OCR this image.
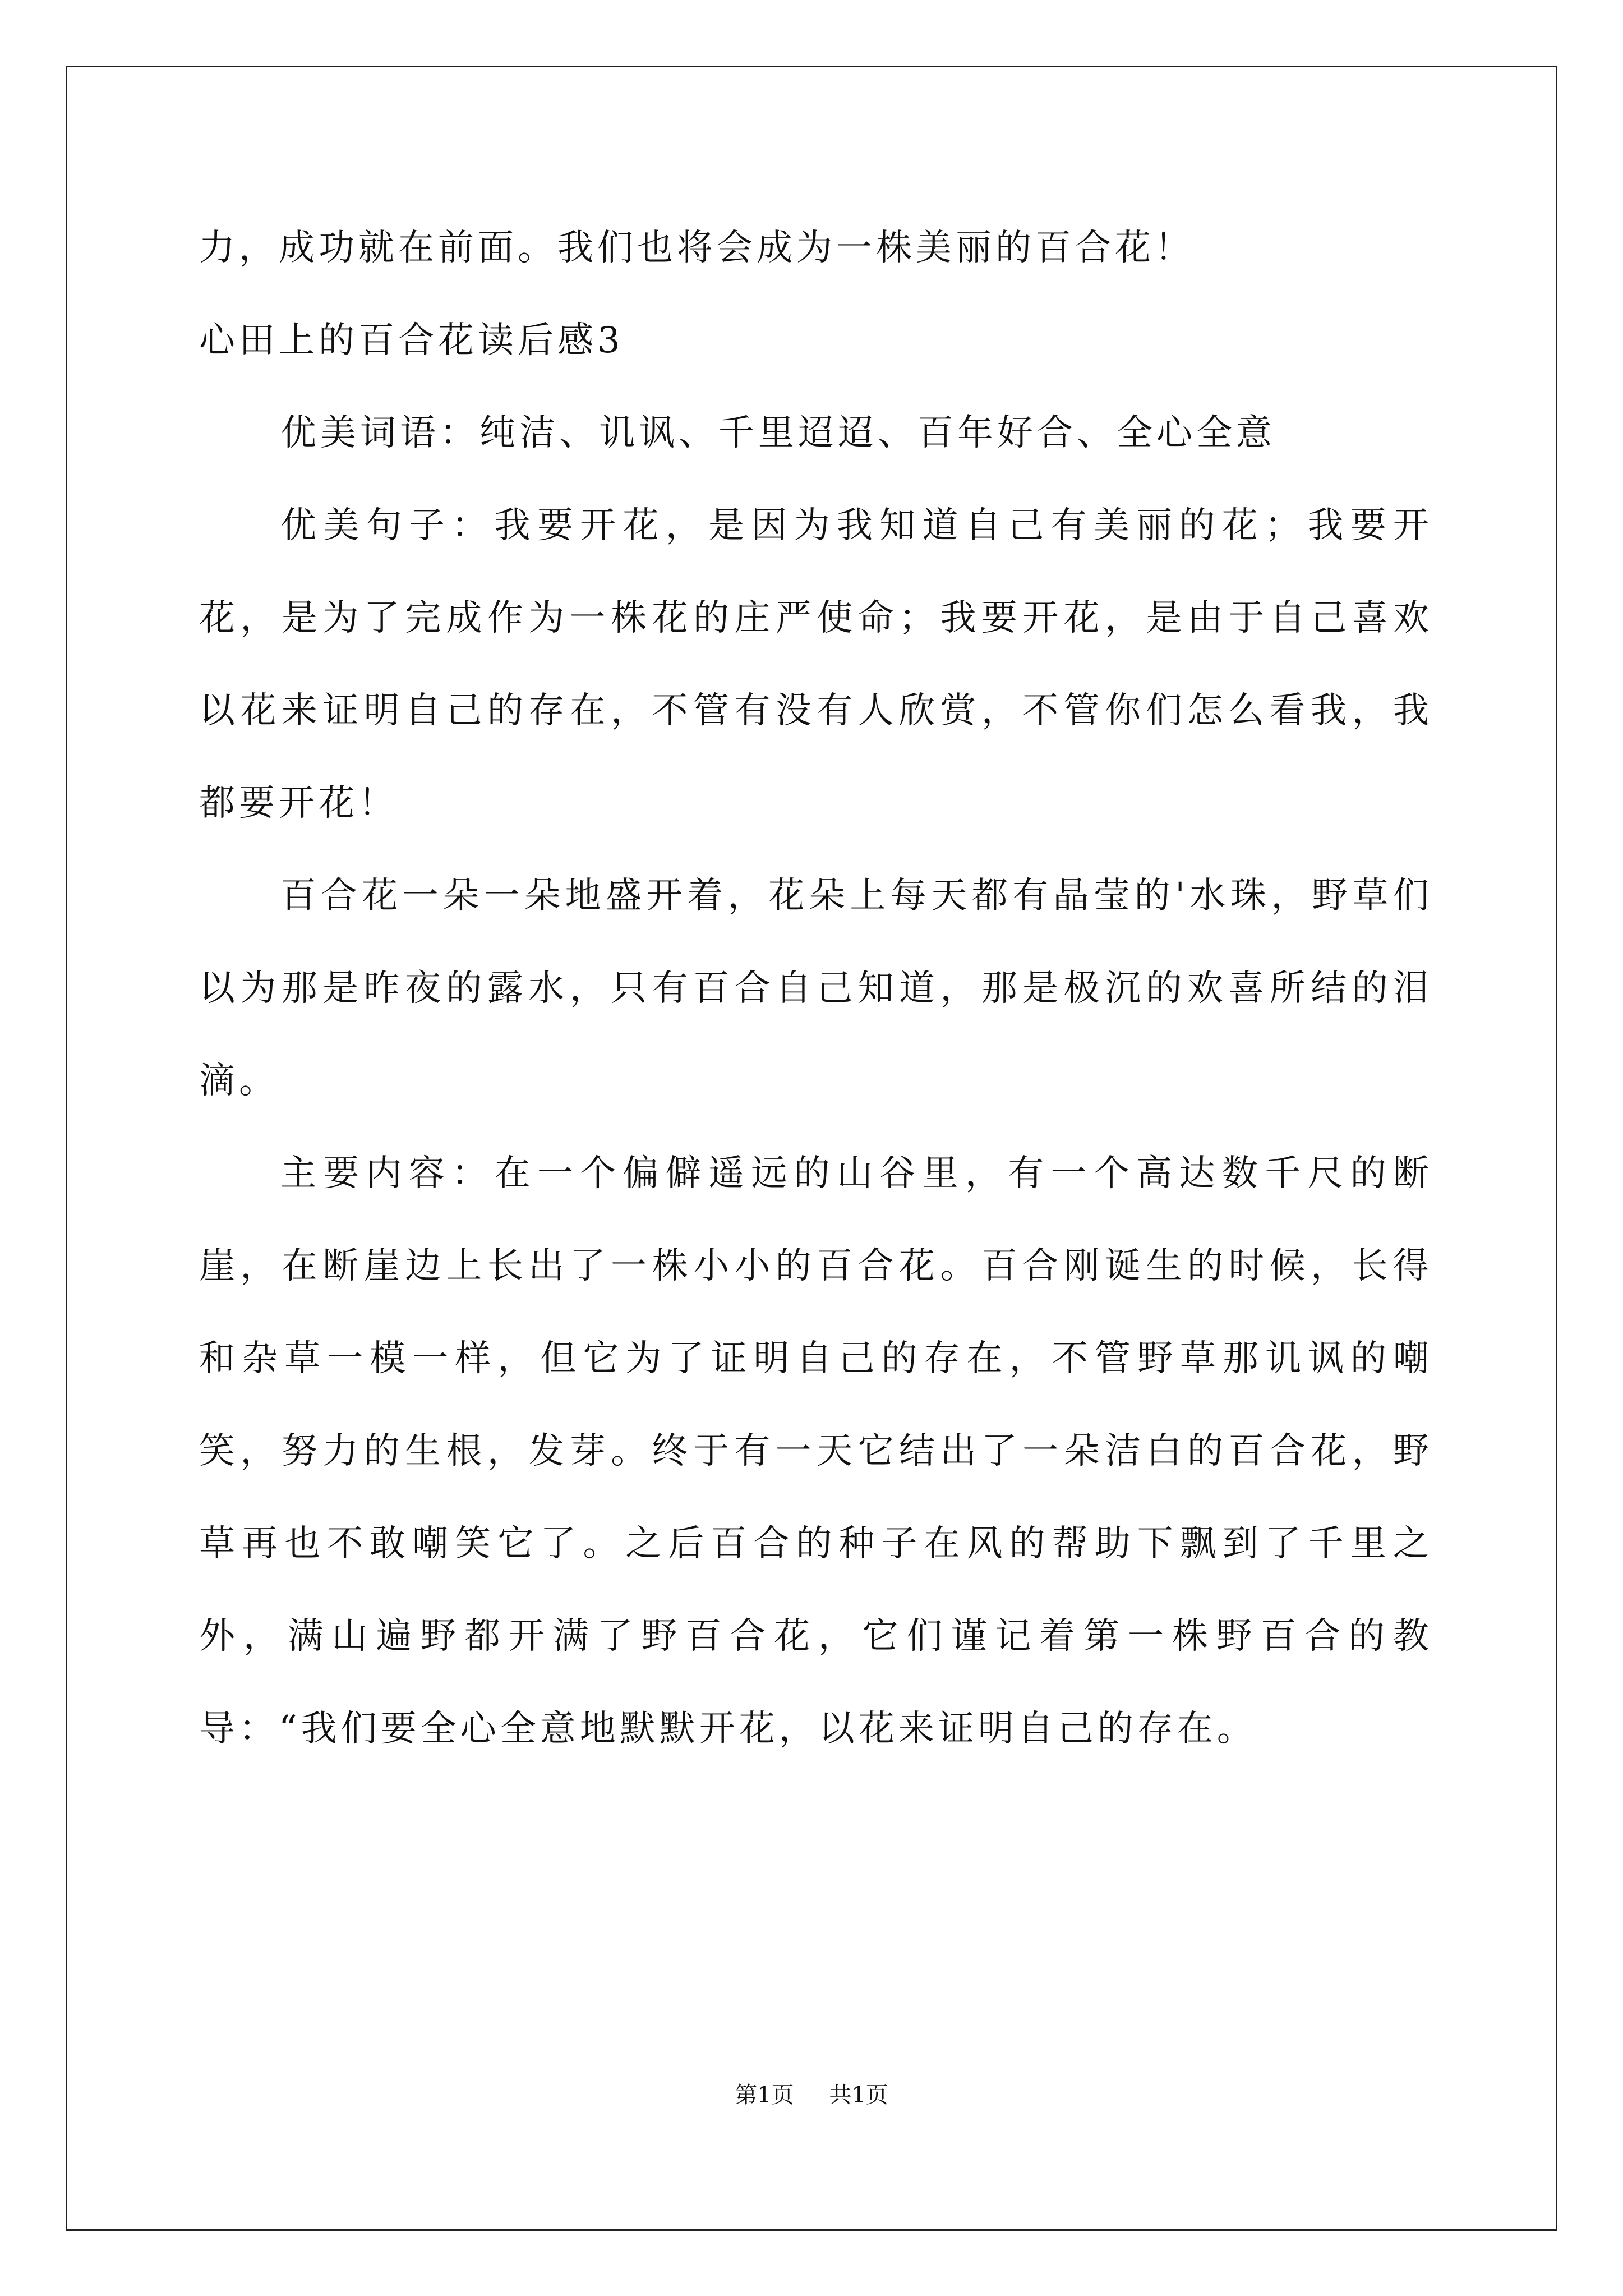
力，成功就在前面。我们也将会成为一株美丽的百合花！
心田上的百合花读后感3

优美词语：纯洁、讥讽、千里迢迢、百年好合、全心全意

优美句子：我要开花，是因为我知道自己有美丽的花；我要开花，是为了完成作为一株花的庄严使命；我要开花，是由于自己喜欢以花来证明自己的存在，不管有没有人欣赏，不管你们怎么看我，我都要开花！

百合花一朵一朵地盛开着，花朵上每天都有晶莹的'水珠，野草们以为那是昨夜的露水，只有百合自己知道，那是极沉的欢喜所结的泪滴。

主要内容：在一个偏僻遥远的山谷里，有一个高达数千尺的断崖，在断崖边上长出了一株小小的百合花。百合刚诞生的时候，长得和杂草一模一样，但它为了证明自己的存在，不管野草那讥讽的嘲笑，努力的生根，发芽。终于有一天它结出了一朵洁白的百合花，野草再也不敢嘲笑它了。之后百合的种子在风的帮助下飘到了千里之外，满山遍野都开满了野百合花，它们谨记着第一株野百合的教导：“我们要全心全意地默默开花，以花来证明自己的存在。

第1页 共1页
